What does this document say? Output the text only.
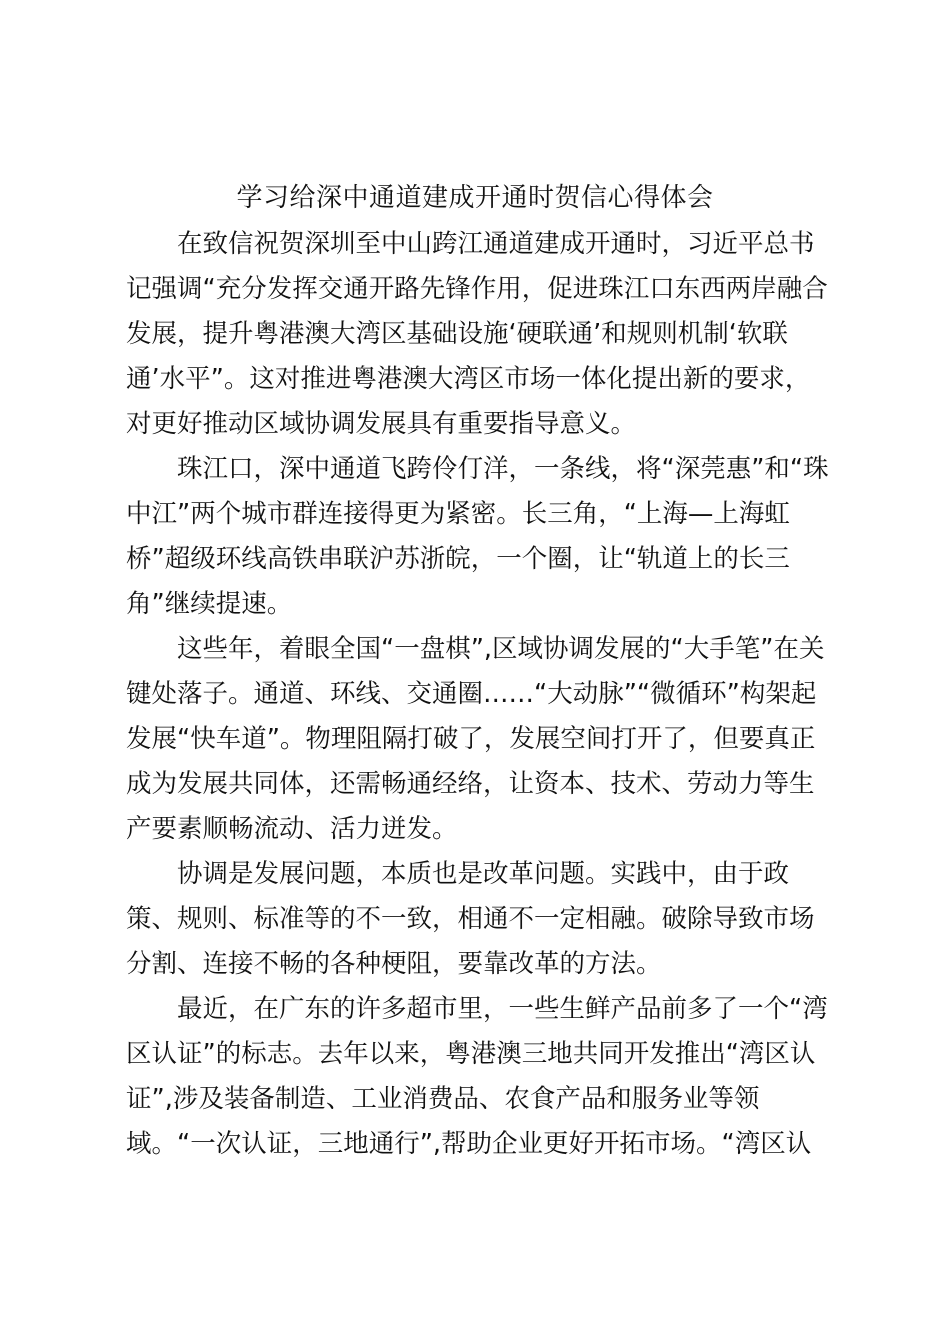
学习给深中通道建成开通时贺信心得体会

在致信祝贺深圳至中山跨江通道建成开通时，习近平总书
记强调“充分发挥交通开路先锋作用，促进珠江口东西两岸融合
发展，提升粤港澳大湾区基础设施‘硬联通’和规则机制‘软联
通’水平”。这对推进粤港澳大湾区市场一体化提出新的要求，
对更好推动区域协调发展具有重要指导意义。

珠江口，深中通道飞跨伶仃洋，一条线，将“深莞惠”和“珠
中江”两个城市群连接得更为紧密。长三角，“上海—上海虹
桥”超级环线高铁串联沪苏浙皖，一个圈，让“轨道上的长三
角”继续提速。

这些年，着眼全国“一盘棋”,区域协调发展的“大手笔”在关
键处落子。通道、环线、交通圈……“大动脉”“微循环”构架起
发展“快车道”。物理阻隔打破了，发展空间打开了，但要真正
成为发展共同体，还需畅通经络，让资本、技术、劳动力等生
产要素顺畅流动、活力迸发。

协调是发展问题，本质也是改革问题。实践中，由于政
策、规则、标准等的不一致，相通不一定相融。破除导致市场
分割、连接不畅的各种梗阻，要靠改革的方法。

最近，在广东的许多超市里，一些生鲜产品前多了一个“湾
区认证”的标志。去年以来，粤港澳三地共同开发推出“湾区认
证”,涉及装备制造、工业消费品、农食产品和服务业等领
域。“一次认证，三地通行”,帮助企业更好开拓市场。“湾区认
